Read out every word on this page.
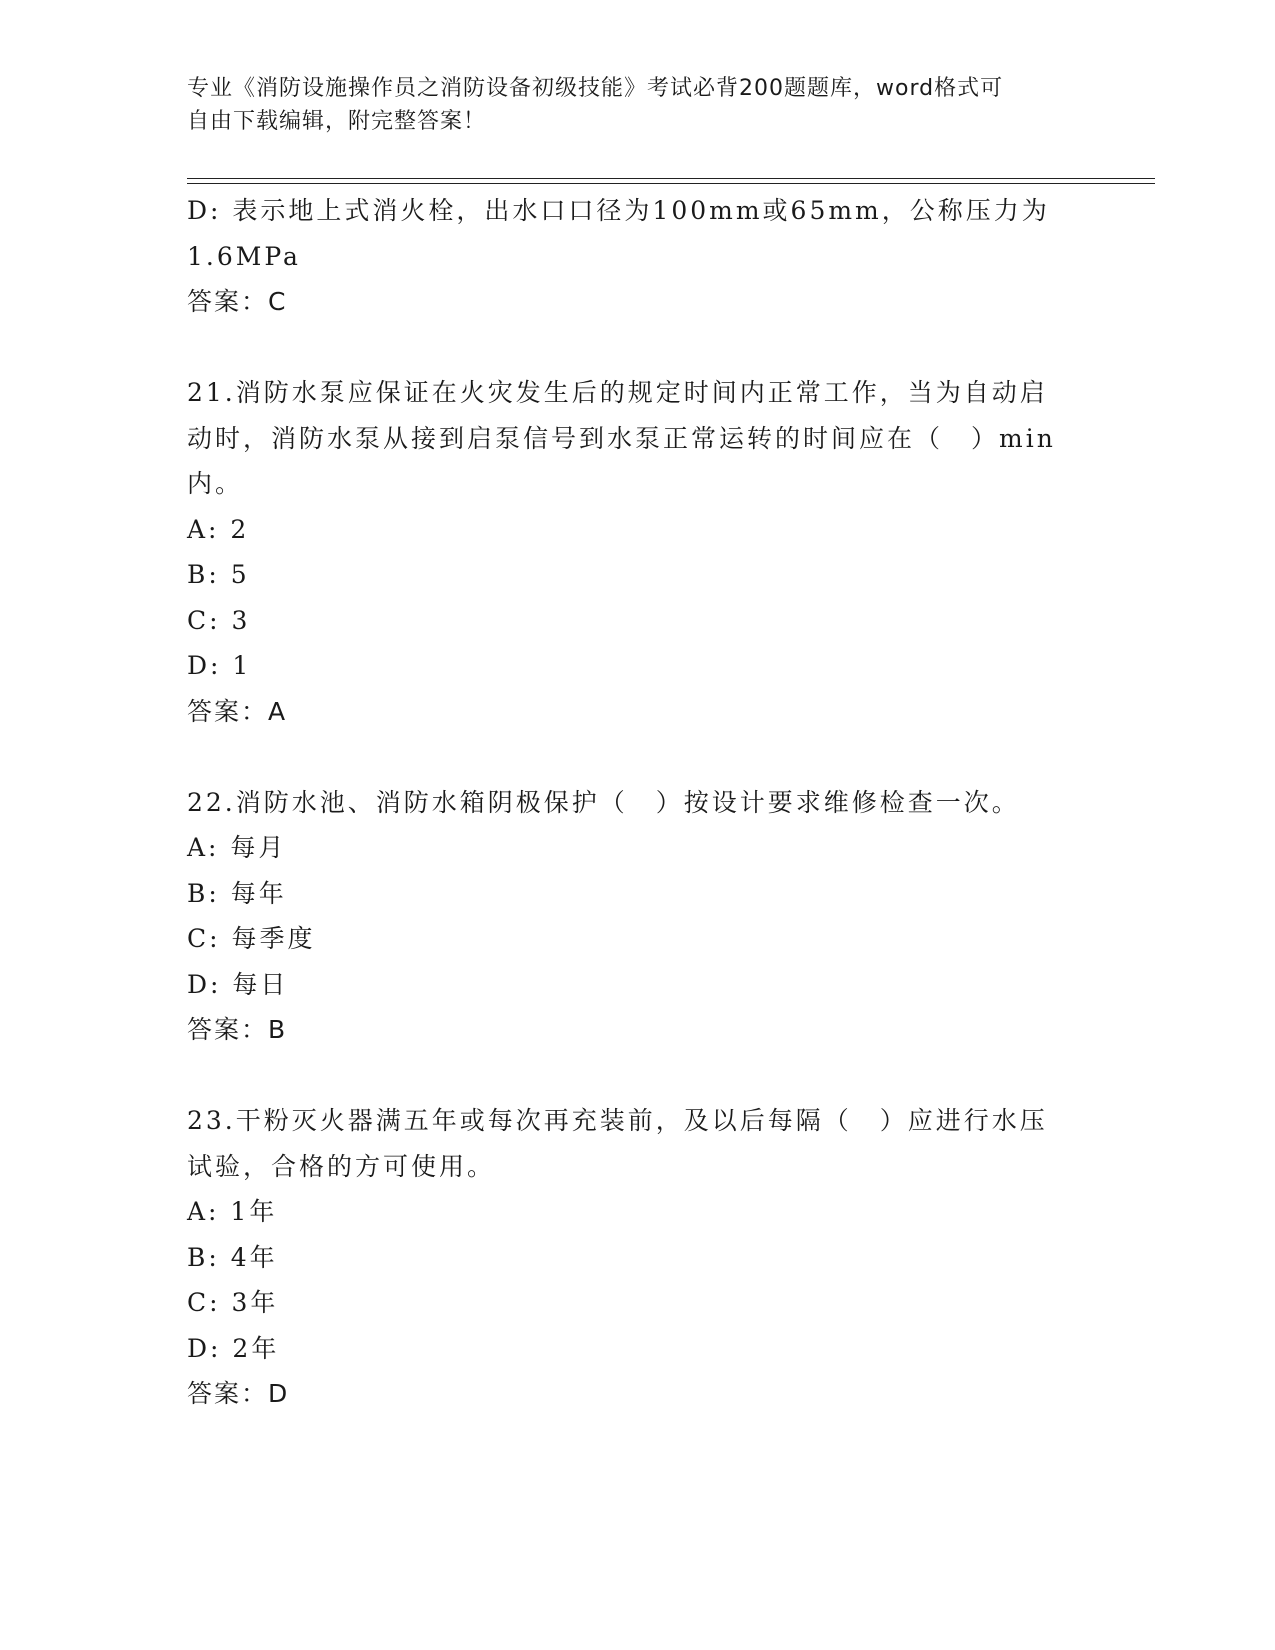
专业《消防设施操作员之消防设备初级技能》考试必背200题题库，word格式可
自由下载编辑，附完整答案！
D: 表示地上式消火栓，出水口口径为100mm或65mm，公称压力为
1.6MPa
答案：C
21.消防水泵应保证在火灾发生后的规定时间内正常工作，当为自动启
动时，消防水泵从接到启泵信号到水泵正常运转的时间应在（　）min
内。
A: 2
B: 5
C: 3
D: 1
答案：A
22.消防水池、消防水箱阴极保护（　）按设计要求维修检查一次。
A: 每月
B: 每年
C: 每季度
D: 每日
答案：B
23.干粉灭火器满五年或每次再充装前，及以后每隔（　）应进行水压
试验，合格的方可使用。
A: 1年
B: 4年
C: 3年
D: 2年
答案：D
